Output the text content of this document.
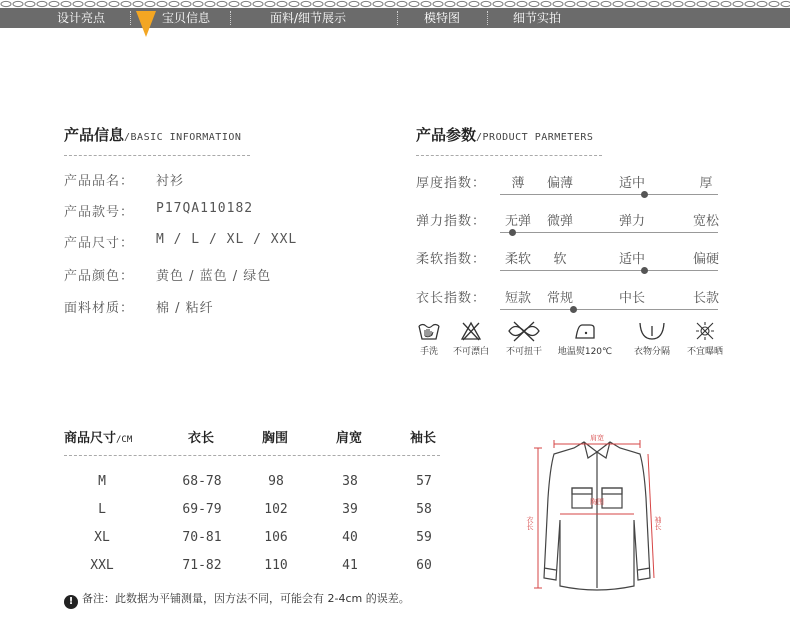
设计亮点	宝贝信息	面料/细节展示	模特图	细节实拍
产品信息/BASIC INFORMATION
产品品名： 衬衫
产品款号： P17QA110182
产品尺寸： M / L / XL / XXL
产品颜色： 黄色 / 蓝色 / 绿色
面料材质： 棉 / 粘纤
产品参数/PRODUCT PARMETERS
厚度指数：	薄	偏薄	适中	厚
弹力指数：	无弹	微弹	弹力	宽松
柔软指数：	柔软	软	适中	偏硬
衣长指数：	短款	常规	中长	长款
手洗	不可漂白	不可扭干	地温熨120℃	衣物分隔	不宜曝晒
商品尺寸/CM	衣长	胸围	肩宽	袖长
M	68-78	98	38	57
L	69-79	102	39	58
XL	70-81	106	40	59
XXL	71-82	110	41	60
肩宽
胸围
衣长	袖长
! 备注：此数据为平铺测量，因方法不同，可能会有 2-4cm 的误差。
